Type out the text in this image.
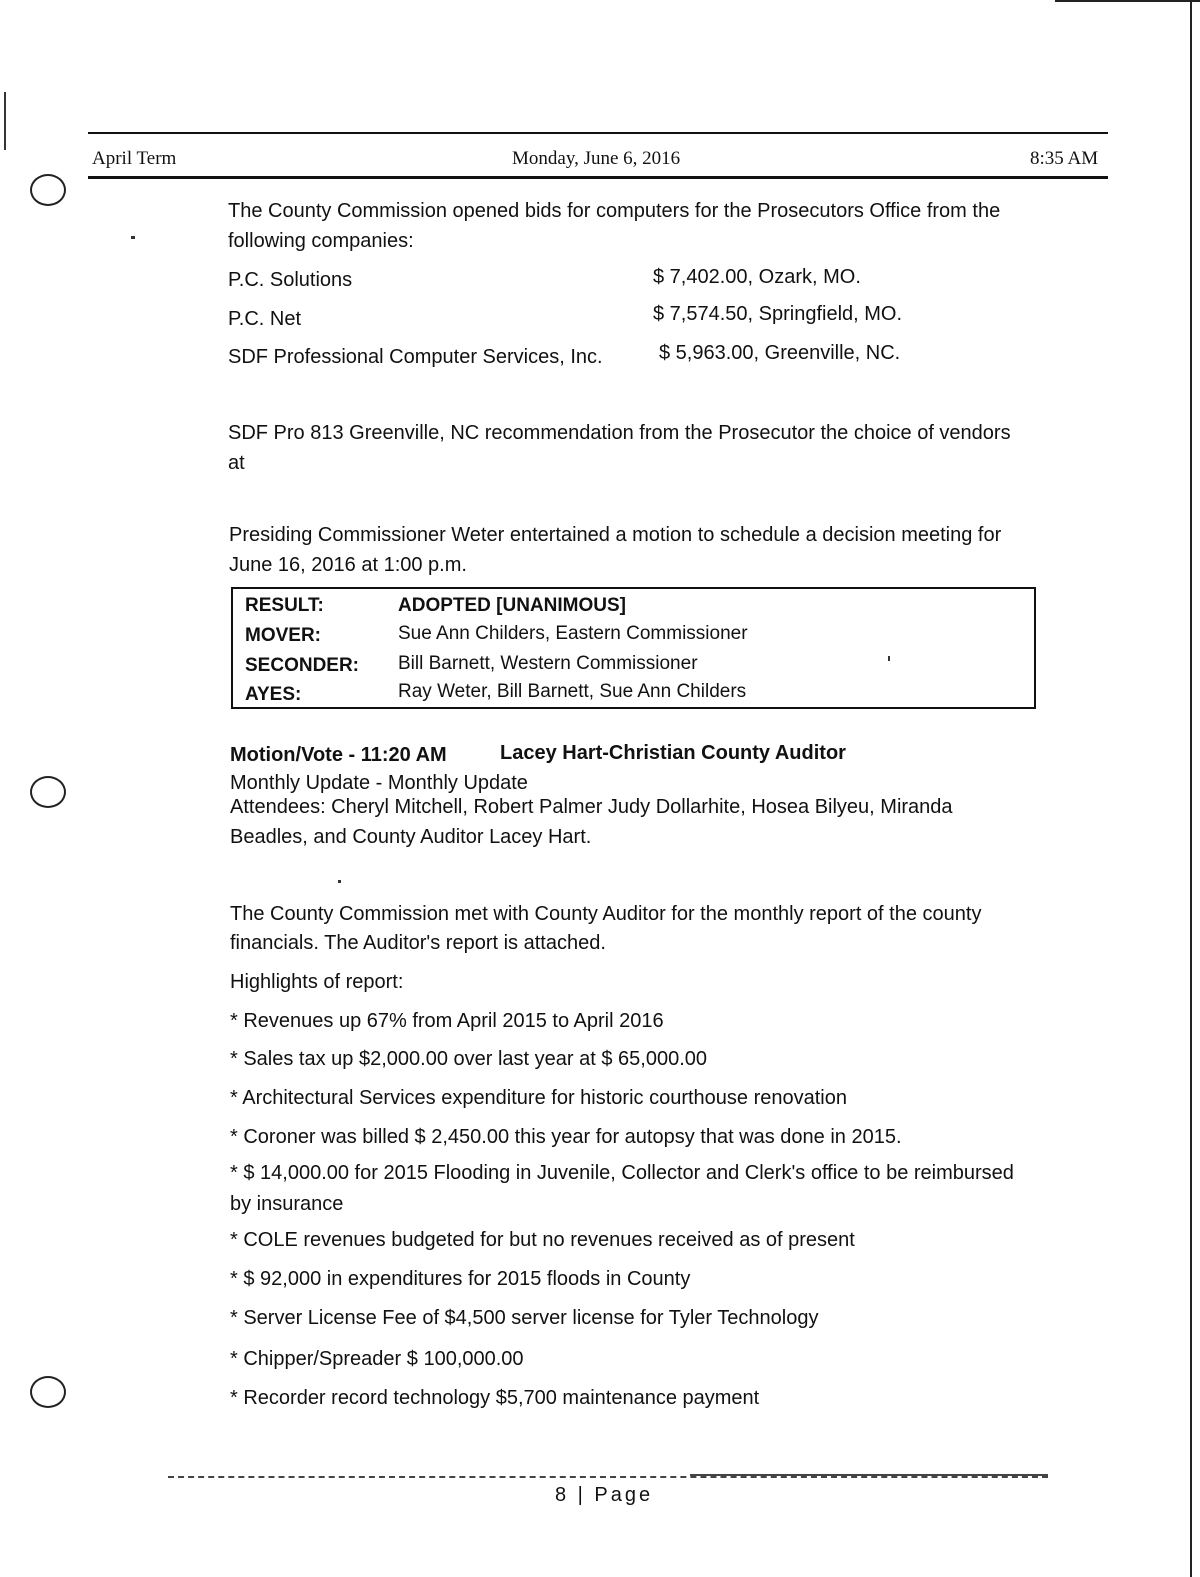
April Term	Monday, June 6, 2016	8:35 AM
The County Commission opened bids for computers for the Prosecutors Office from the
following companies:
P.C. Solutions	$ 7,402.00, Ozark, MO.
P.C. Net	$ 7,574.50, Springfield, MO.
SDF Professional Computer Services, Inc.	$ 5,963.00, Greenville, NC.
SDF Pro 813 Greenville, NC recommendation from the Prosecutor the choice of vendors
at
Presiding Commissioner Weter entertained a motion to schedule a decision meeting for
June 16, 2016 at 1:00 p.m.
RESULT:	ADOPTED [UNANIMOUS]
MOVER:	Sue Ann Childers, Eastern Commissioner
SECONDER: Bill Barnett, Western Commissioner
AYES:	Ray Weter, Bill Barnett, Sue Ann Childers
Motion/Vote - 11:20 AM	Lacey Hart-Christian County Auditor
Monthly Update - Monthly Update
Attendees: Cheryl Mitchell, Robert Palmer Judy Dollarhite, Hosea Bilyeu, Miranda
Beadles, and County Auditor Lacey Hart.
The County Commission met with County Auditor for the monthly report of the county
financials. The Auditor's report is attached.
Highlights of report:
* Revenues up 67% from April 2015 to April 2016
* Sales tax up $2,000.00 over last year at $ 65,000.00
* Architectural Services expenditure for historic courthouse renovation
* Coroner was billed $ 2,450.00 this year for autopsy that was done in 2015.
* $ 14,000.00 for 2015 Flooding in Juvenile, Collector and Clerk's office to be reimbursed
by insurance
* COLE revenues budgeted for but no revenues received as of present
* $ 92,000 in expenditures for 2015 floods in County
* Server License Fee of $4,500 server license for Tyler Technology
* Chipper/Spreader $ 100,000.00
* Recorder record technology $5,700 maintenance payment
8 | Page
